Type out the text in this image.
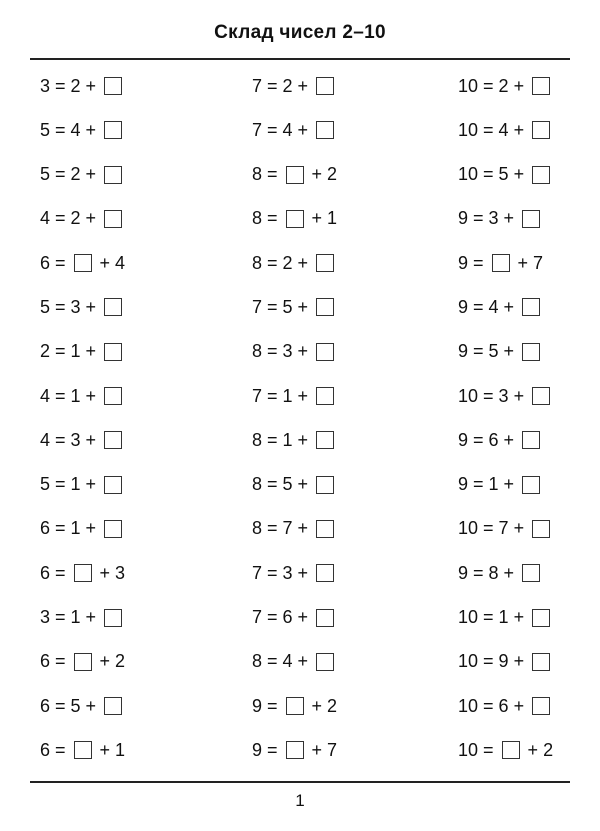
Склад чисел 2–10
3 = 2 +	7 = 2 +	10 = 2 +
5 = 4 +	7 = 4 +	10 = 4 +
5 = 2 +	8 = + 2	10 = 5 +
4 = 2 +	8 = + 1	9 = 3 +
6 = + 4	8 = 2 +	9 = + 7
5 = 3 +	7 = 5 +	9 = 4 +
2 = 1 +	8 = 3 +	9 = 5 +
4 = 1 +	7 = 1 +	10 = 3 +
4 = 3 +	8 = 1 +	9 = 6 +
5 = 1 +	8 = 5 +	9 = 1 +
6 = 1 +	8 = 7 +	10 = 7 +
6 = + 3	7 = 3 +	9 = 8 +
3 = 1 +	7 = 6 +	10 = 1 +
6 = + 2	8 = 4 +	10 = 9 +
6 = 5 +	9 = + 2	10 = 6 +
6 = + 1	9 = + 7	10 = + 2
1
